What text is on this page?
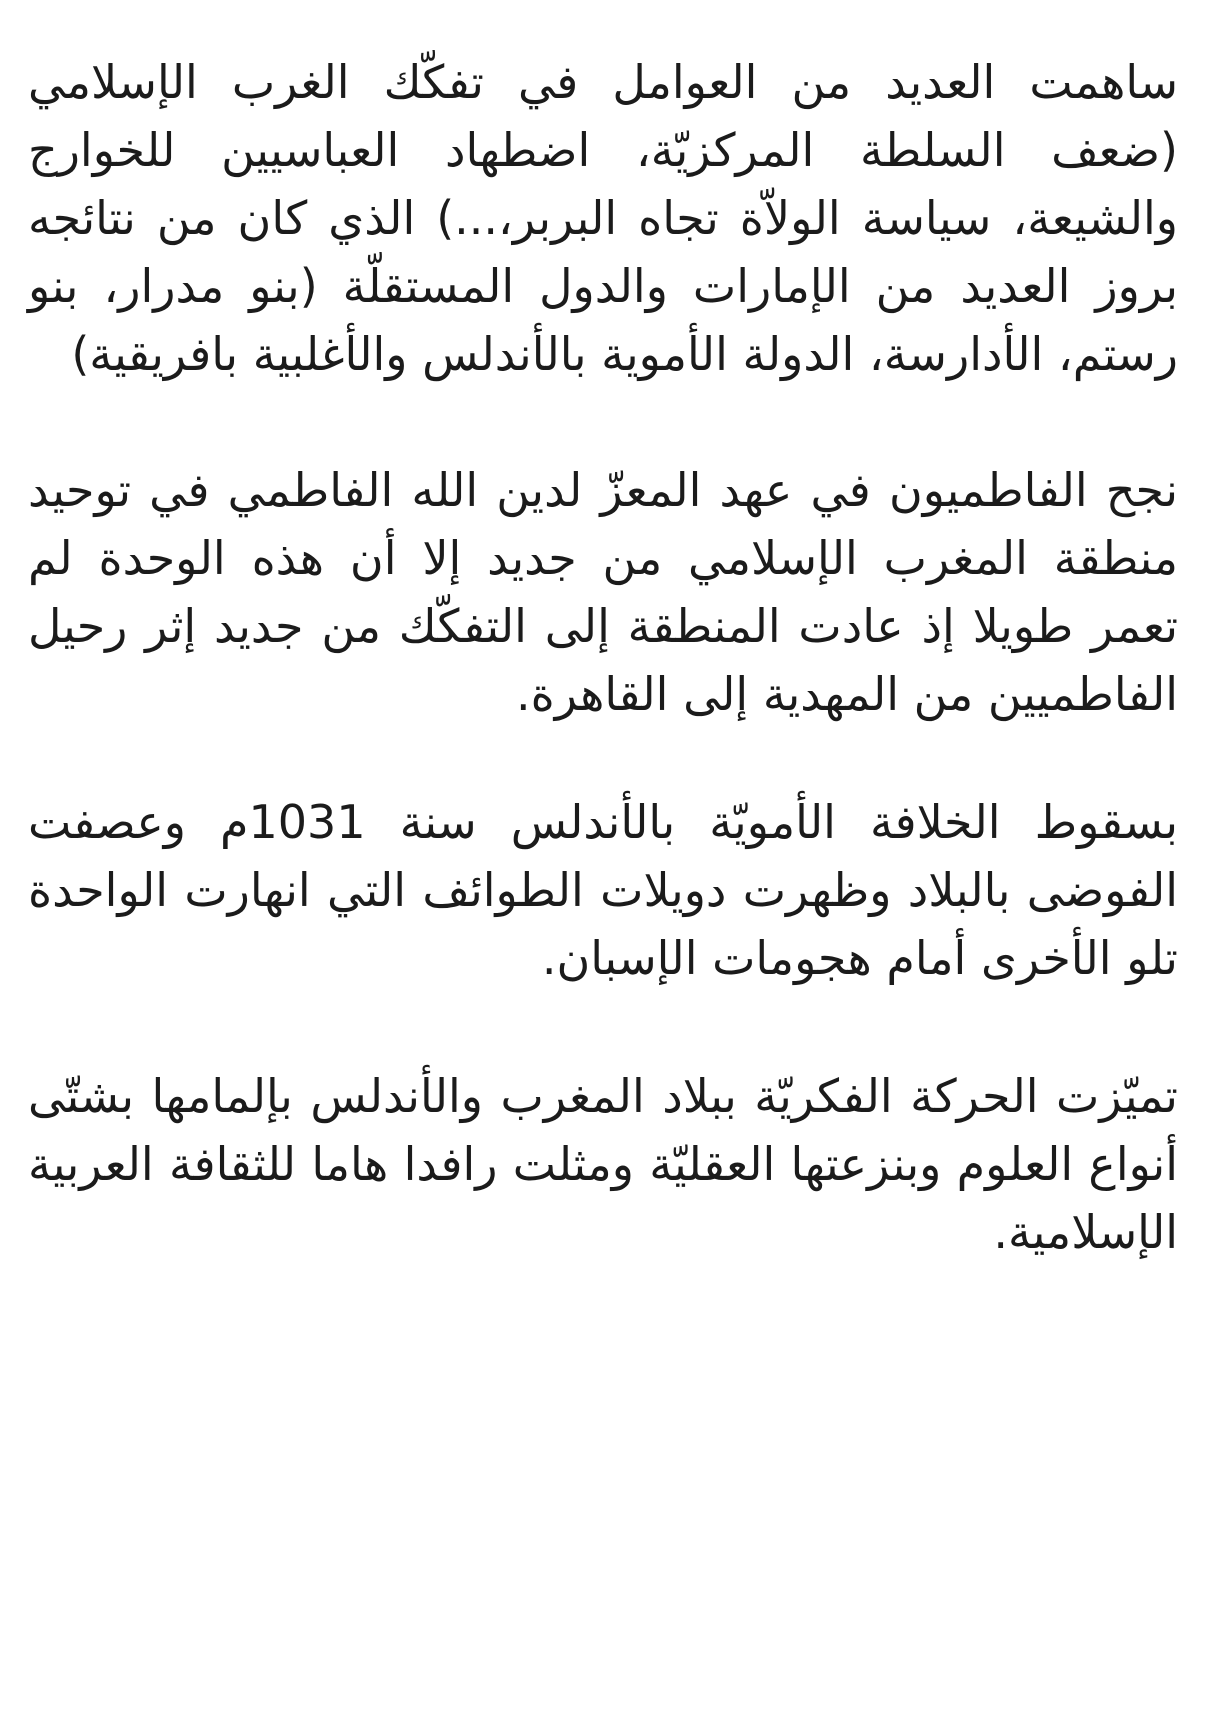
ساهمت العديد من العوامل في تفكّك الغرب الإسلامي (ضعف السلطة المركزيّة، اضطهاد العباسيين للخوارج والشيعة، سياسة الولاّة تجاه البربر،...) الذي كان من نتائجه بروز العديد من الإمارات والدول المستقلّة (بنو مدرار، بنو رستم، الأدارسة، الدولة الأموية بالأندلس والأغلبية بافريقية)
نجح الفاطميون في عهد المعزّ لدين الله الفاطمي في توحيد منطقة المغرب الإسلامي من جديد إلا أن هذه الوحدة لم تعمر طويلا إذ عادت المنطقة إلى التفكّك من جديد إثر رحيل الفاطميين من المهدية إلى القاهرة.
بسقوط الخلافة الأمويّة بالأندلس سنة 1031م وعصفت الفوضى بالبلاد وظهرت دويلات الطوائف التي انهارت الواحدة تلو الأخرى أمام هجومات الإسبان.
تميّزت الحركة الفكريّة ببلاد المغرب والأندلس بإلمامها بشتّى أنواع العلوم وبنزعتها العقليّة ومثلت رافدا هاما للثقافة العربية الإسلامية.
